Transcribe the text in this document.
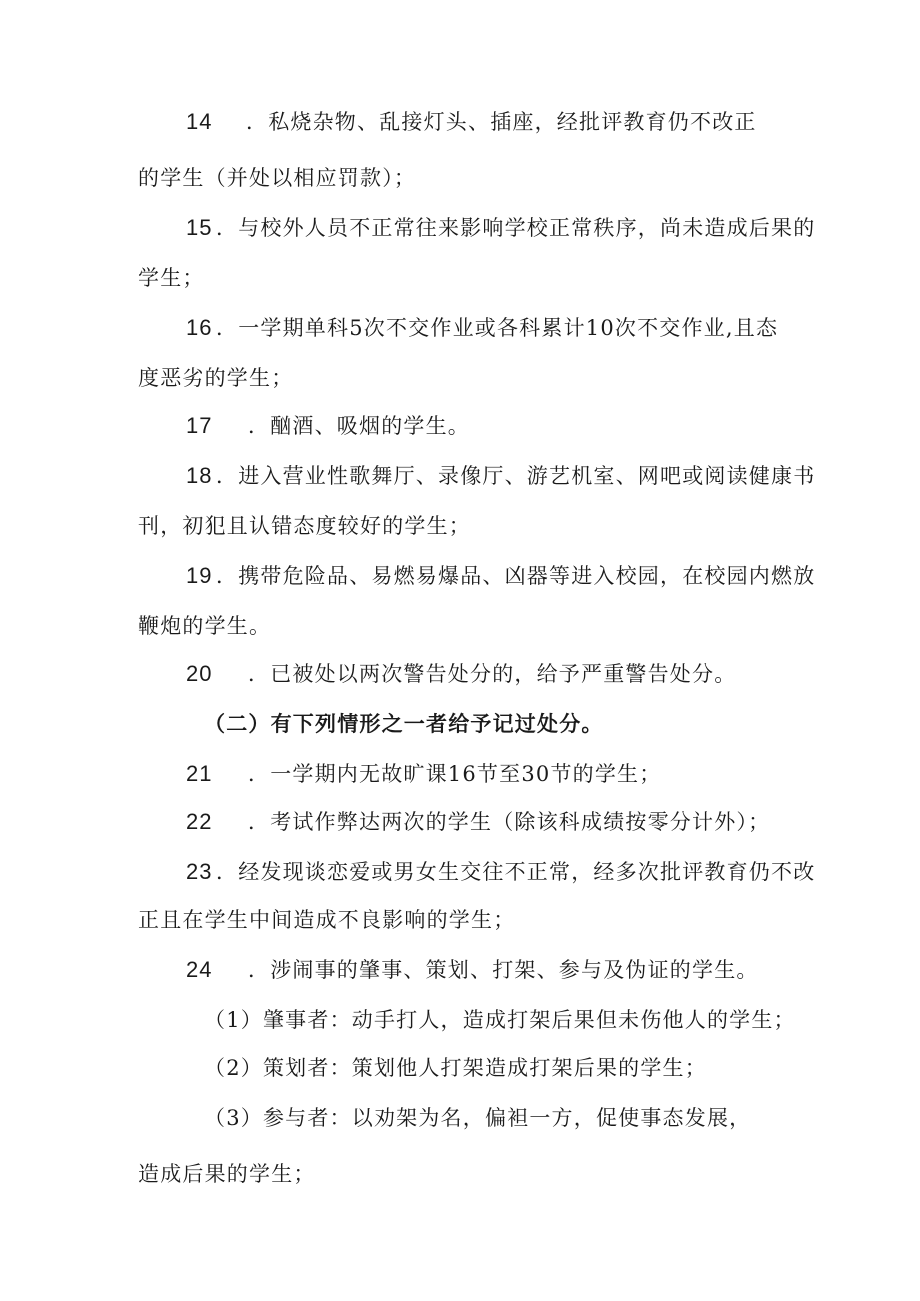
14 ．私烧杂物、乱接灯头、插座，经批评教育仍不改正
的学生（并处以相应罚款）；
15 ．与校外人员不正常往来影响学校正常秩序，尚未造成后果的
学生；
16 ．一学期单科5次不交作业或各科累计10次不交作业,且态
度恶劣的学生；
17 ．酗酒、吸烟的学生。
18 ．进入营业性歌舞厅、录像厅、游艺机室、网吧或阅读健康书
刊，初犯且认错态度较好的学生；
19 ．携带危险品、易燃易爆品、凶器等进入校园，在校园内燃放
鞭炮的学生。
20 ．已被处以两次警告处分的，给予严重警告处分。
（二）有下列情形之一者给予记过处分。
21 ．一学期内无故旷课16节至30节的学生；
22 ．考试作弊达两次的学生（除该科成绩按零分计外）；
23 ．经发现谈恋爱或男女生交往不正常，经多次批评教育仍不改
正且在学生中间造成不良影响的学生；
24 ．涉闹事的肇事、策划、打架、参与及伪证的学生。
（1）肇事者：动手打人，造成打架后果但未伤他人的学生；
（2）策划者：策划他人打架造成打架后果的学生；
（3）参与者：以劝架为名，偏袒一方，促使事态发展，
造成后果的学生；
